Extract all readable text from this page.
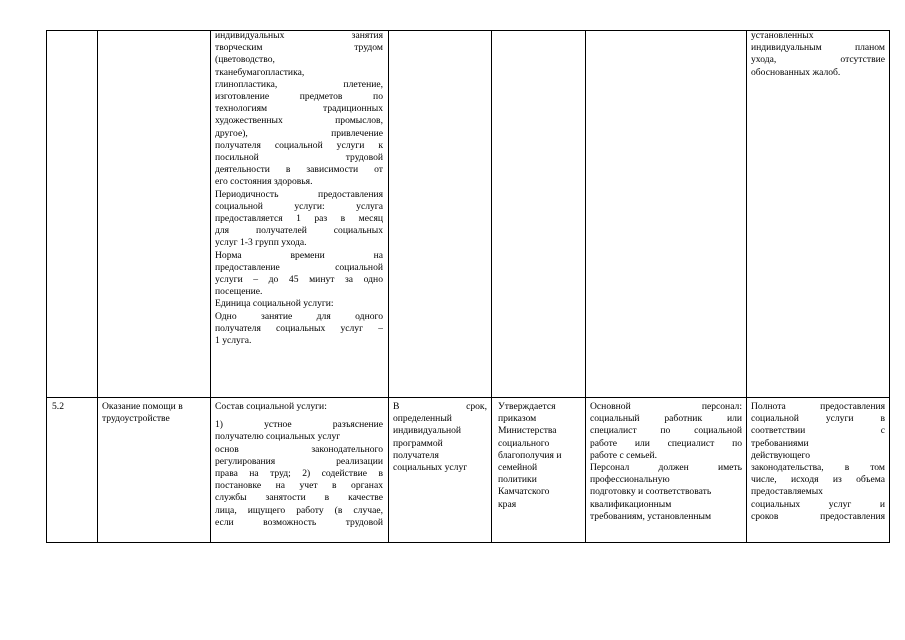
индивидуальных занятия

творческим трудом

(цветоводство,

тканебумагопластика,

глинопластика, плетение,

изготовление предметов по

технологиям традиционных

художественных промыслов,

другое), привлечение

получателя социальной услуги к

посильной трудовой

деятельности в зависимости от

его состояния здоровья.

Периодичность предоставления

социальной услуги: услуга

предоставляется 1 раз в месяц

для получателей социальных

услуг 1-3 групп ухода.

Норма времени на

предоставление социальной

услуги – до 45 минут за одно

посещение.

Единица социальной услуги:

Одно занятие для одного

получателя социальных услуг –

1 услуга.

установленных

индивидуальным планом

ухода, отсутствие

обоснованных жалоб.

5.2	Оказание помощи в трудоустройстве

Состав социальной услуги:

1) устное разъяснение

получателю социальных услуг

основ законодательного

регулирования реализации

права на труд; 2) содействие в

постановке на учет в органах

службы занятости в качестве

лица, ищущего работу (в случае,

если возможность трудовой

В срок,

определенный

индивидуальной

программой

получателя

социальных услуг

Утверждается

приказом

Министерства

социального

благополучия и

семейной

политики

Камчатского

края

Основной персонал:

социальный работник или

специалист по социальной

работе или специалист по

работе с семьей.

Персонал должен иметь

профессиональную

подготовку и соответствовать

квалификационным

требованиям, установленным

Полнота предоставления

социальной услуги в

соответствии с

требованиями

действующего

законодательства, в том

числе, исходя из объема

предоставляемых

социальных услуг и

сроков предоставления
